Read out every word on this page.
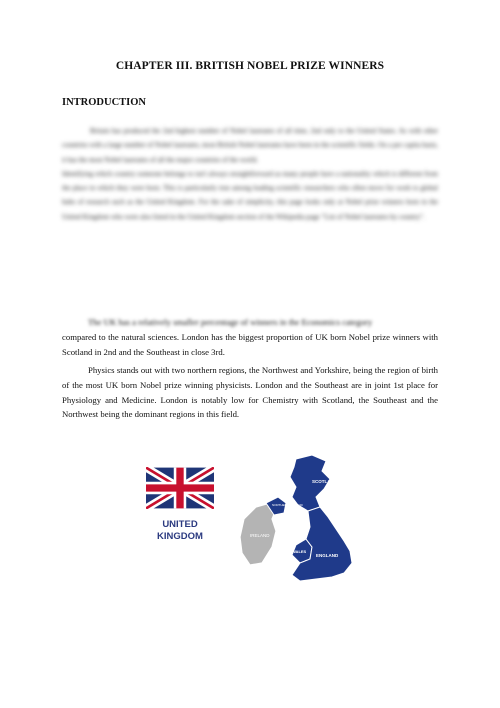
CHAPTER III. BRITISH NOBEL PRIZE WINNERS
INTRODUCTION

Britain has produced the 2nd highest number of Nobel laureates of all time, 2nd only to the United States. As with other countries with a large number of Nobel laureates, most British Nobel laureates have been in the scientific fields. On a per capita basis, it has the most Nobel laureates of all the major countries of the world.

Identifying which country someone belongs to isn't always straightforward as many people have a nationality which is different from the place in which they were born. This is particularly true among leading scientific researchers who often move for work to global hubs of research such as the United Kingdom. For the sake of simplicity, this page looks only at Nobel prize winners born in the United Kingdom who were also listed in the United Kingdom section of the Wikipedia page "List of Nobel laureates by country".

The UK has a relatively smaller percentage of winners in the Economics category
compared to the natural sciences. London has the biggest proportion of UK born Nobel prize winners with Scotland in 2nd and the Southeast in close 3rd.

Physics stands out with two northern regions, the Northwest and Yorkshire, being the region of birth of the most UK born Nobel prize winning physicists. London and the Southeast are in joint 1st place for Physiology and Medicine. London is notably low for Chemistry with Scotland, the Southeast and the Northwest being the dominant regions in this field.

UNITED
KINGDOM
SCOTLAND
NORTHERN IRELAND
IRELAND
WALES
ENGLAND
